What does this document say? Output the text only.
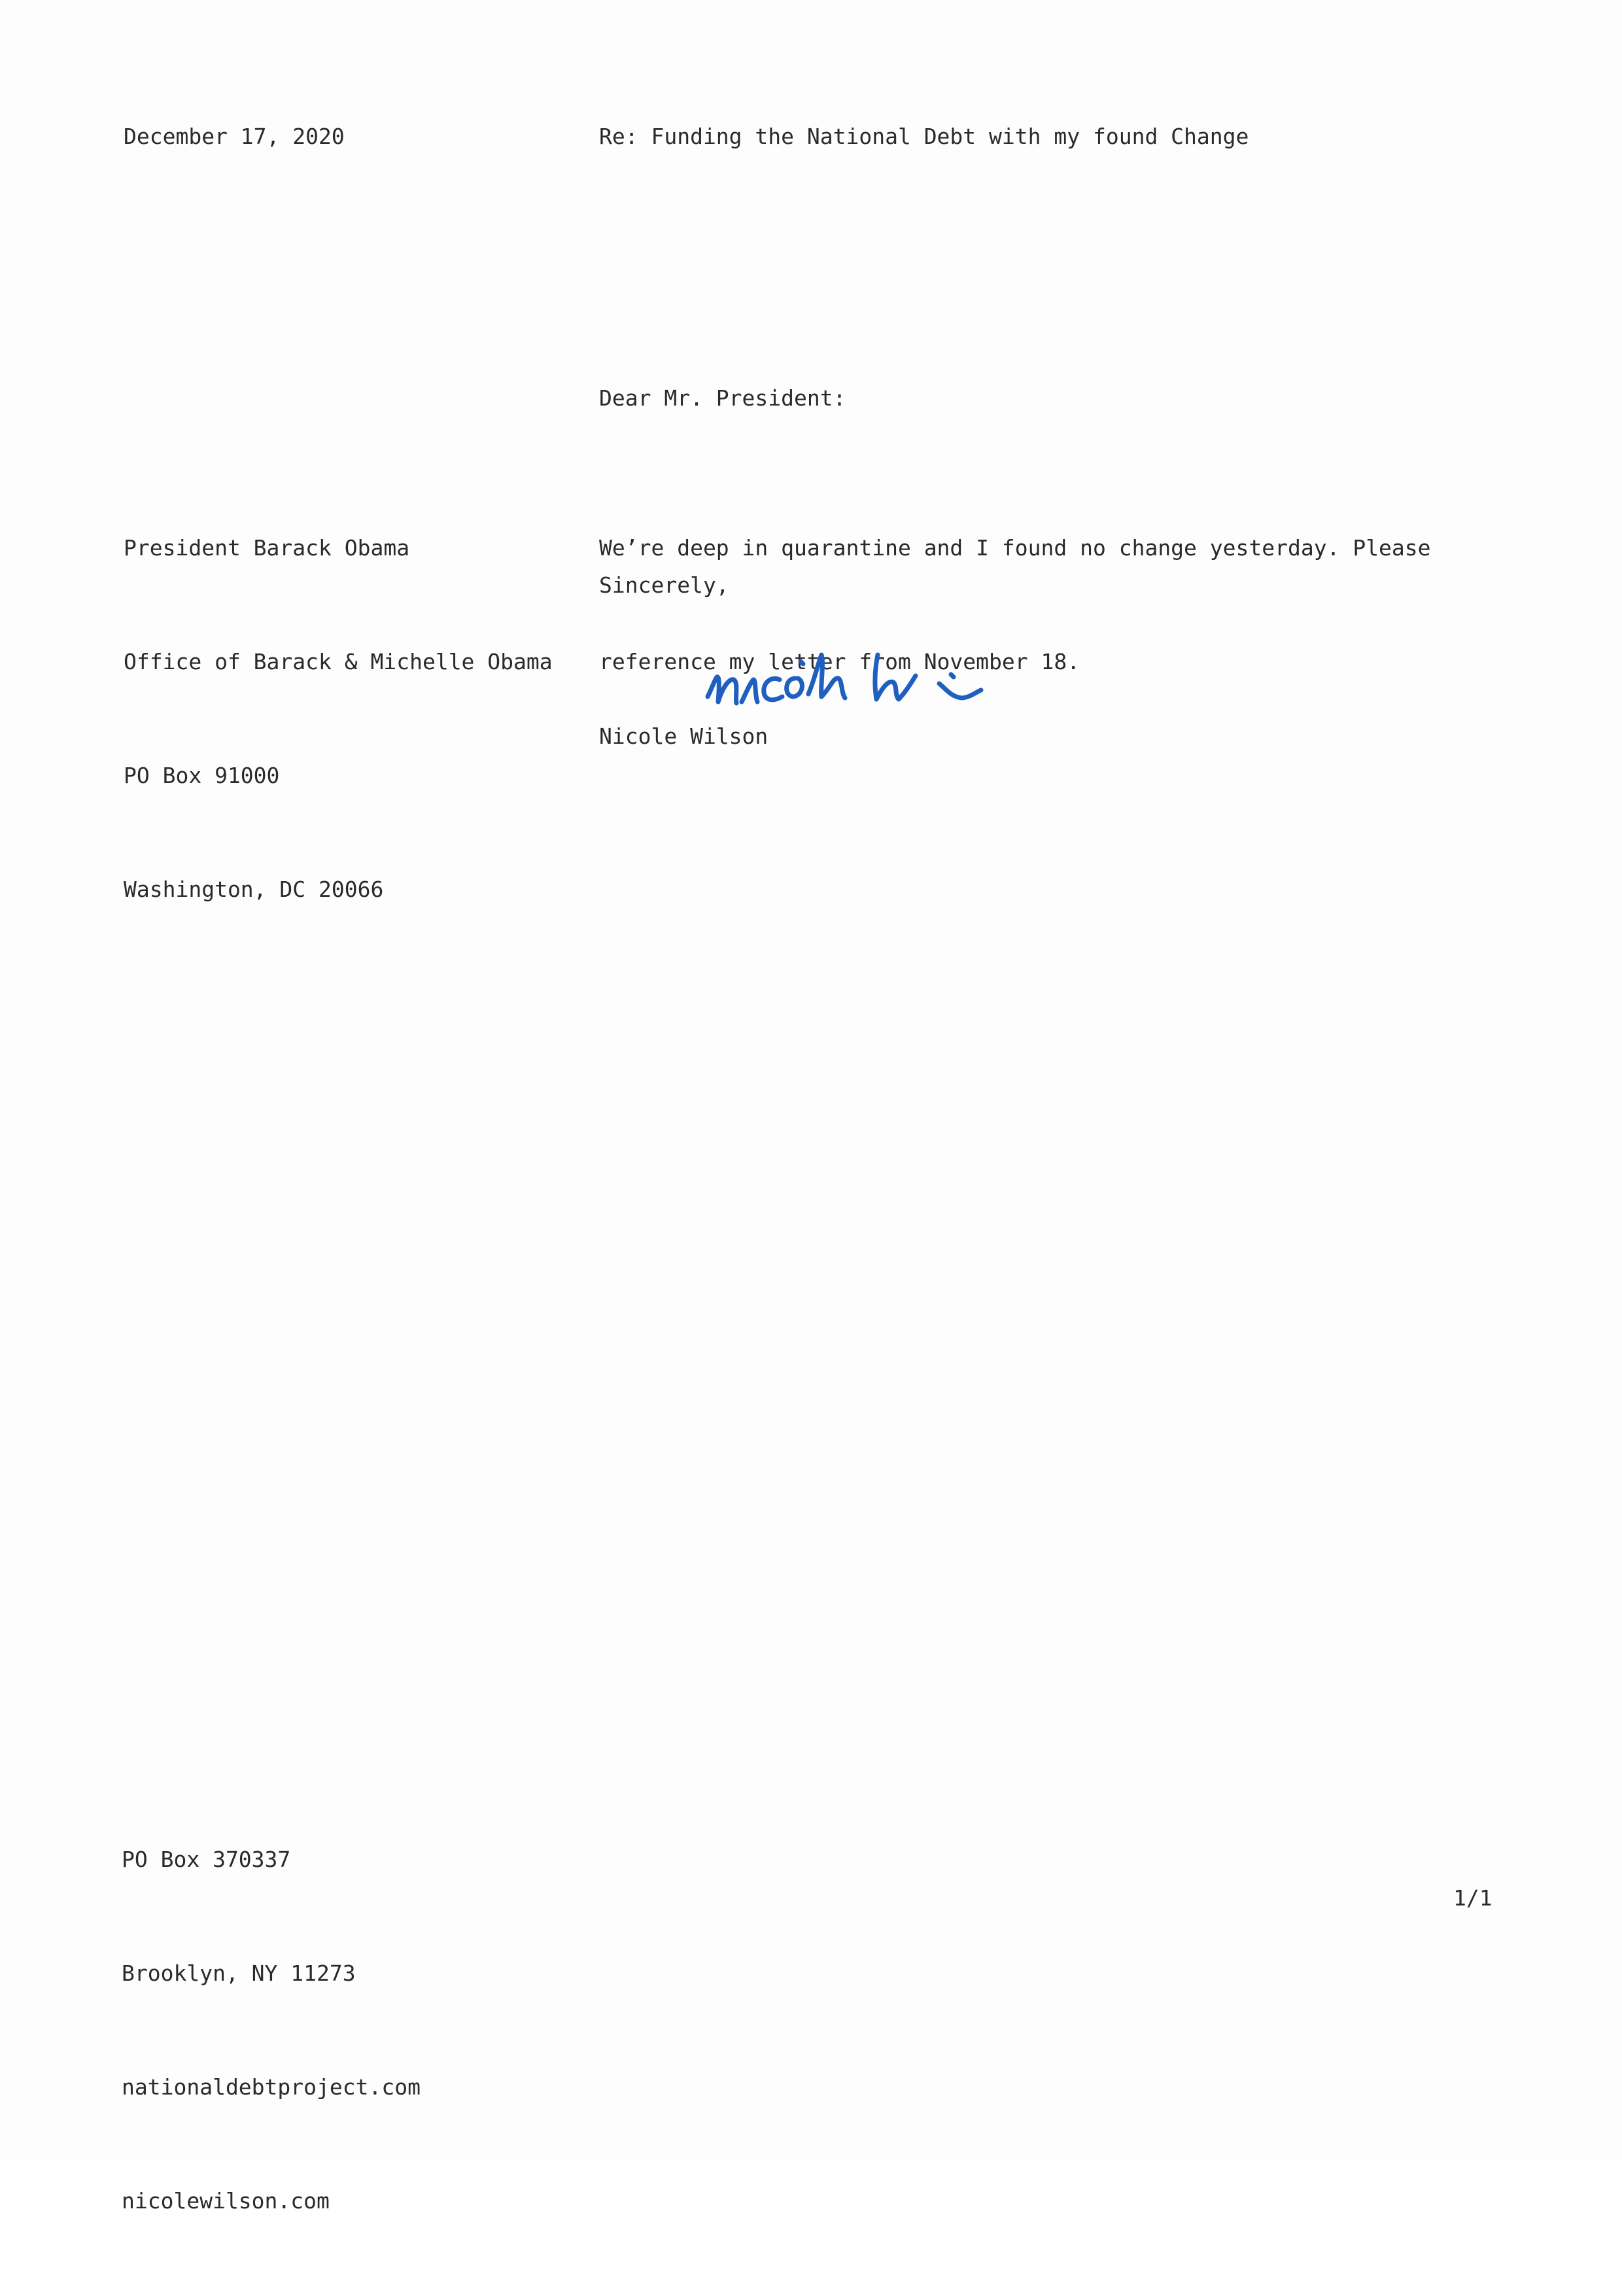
December 17, 2020	Re: Funding the National Debt with my found Change
Dear Mr. President:

President Barack Obama

Office of Barack & Michelle Obama

PO Box 91000

Washington, DC 20066

We’re deep in quarantine and I found no change yesterday. Please

reference my letter from November 18.

Sincerely,

Nicole Wilson

PO Box 370337

Brooklyn, NY 11273

nationaldebtproject.com

nicolewilson.com

1/1
